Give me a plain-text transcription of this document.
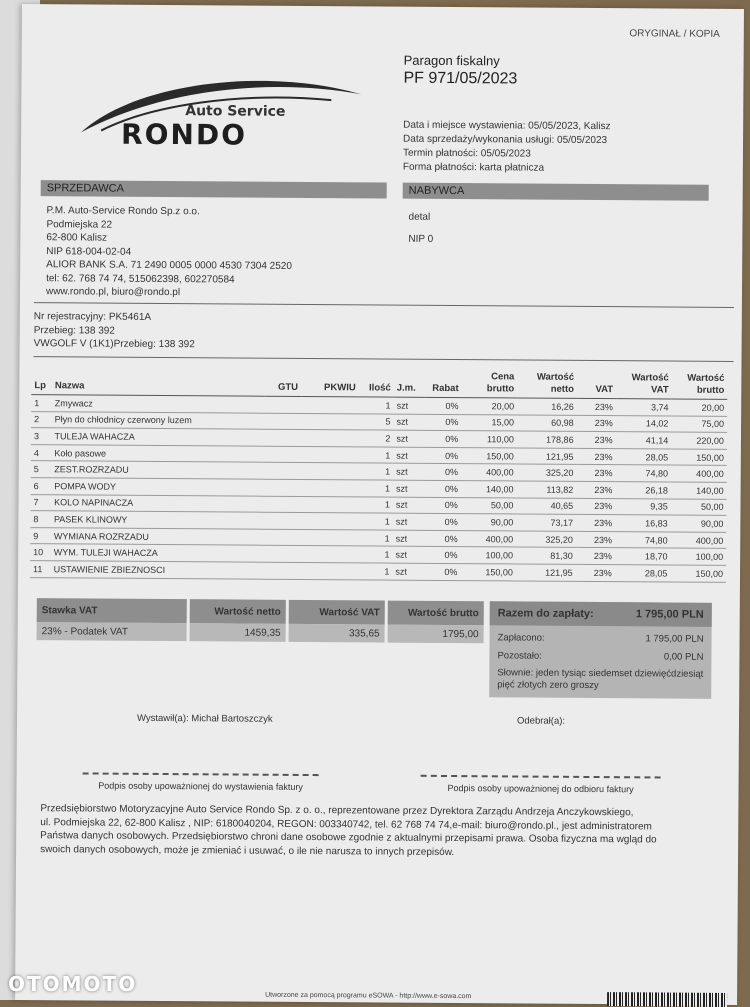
ORYGINAŁ / KOPIA
Auto Service
RONDO
Paragon fiskalny
PF 971/05/2023
Data i miejsce wystawienia: 05/05/2023, Kalisz
Data sprzedaży/wykonania usługi: 05/05/2023
Termin płatności: 05/05/2023
Forma płatności: karta płatnicza
SPRZEDAWCA	NABYWCA
P.M. Auto-Service Rondo Sp.z o.o.
Podmiejska 22
62-800 Kalisz
NIP 618-004-02-04
ALIOR BANK S.A. 71 2490 0005 0000 4530 7304 2520
tel: 62. 768 74 74, 515062398, 602270584
www.rondo.pl, biuro@rondo.pl
detal
NIP 0
Nr rejestracyjny: PK5461A
Przebieg: 138 392
VWGOLF V (1K1)Przebieg: 138 392
Lp	Nazwa	GTU	PKWIU	Ilość	J.m.	Rabat	Cena brutto	Wartość netto	VAT	Wartość VAT	Wartość brutto
1	Zmywacz			1	szt	0%	20,00	16,26	23%	3,74	20,00
2	Płyn do chłodnicy czerwony luzem			5	szt	0%	15,00	60,98	23%	14,02	75,00
3	TULEJA WAHACZA			2	szt	0%	110,00	178,86	23%	41,14	220,00
4	Koło pasowe			1	szt	0%	150,00	121,95	23%	28,05	150,00
5	ZEST.ROZRZADU			1	szt	0%	400,00	325,20	23%	74,80	400,00
6	POMPA WODY			1	szt	0%	140,00	113,82	23%	26,18	140,00
7	KOLO NAPINACZA			1	szt	0%	50,00	40,65	23%	9,35	50,00
8	PASEK KLINOWY			1	szt	0%	90,00	73,17	23%	16,83	90,00
9	WYMIANA ROZRZADU			1	szt	0%	400,00	325,20	23%	74,80	400,00
10	WYM. TULEJI WAHACZA			1	szt	0%	100,00	81,30	23%	18,70	100,00
11	USTAWIENIE ZBIEZNOSCI			1	szt	0%	150,00	121,95	23%	28,05	150,00
Stawka VAT	Wartość netto	Wartość VAT	Wartość brutto
23% - Podatek VAT	1459,35	335,65	1795,00
Razem do zapłaty:	1 795,00 PLN
Zapłacono:	1 795,00 PLN
Pozostało:	0,00 PLN
Słownie: jeden tysiąc siedemset dziewięćdziesiąt
pięć złotych zero groszy
Wystawił(a): Michał Bartoszczyk	Odebrał(a):
Podpis osoby upoważnionej do wystawienia faktury	Podpis osoby upoważnionej do odbioru faktury
Przedsiębiorstwo Motoryzacyjne Auto Service Rondo Sp. z o. o., reprezentowane przez Dyrektora Zarządu Andrzeja Anczykowskiego,
ul. Podmiejska 22, 62-800 Kalisz , NIP: 6180040204, REGON: 003340742, tel. 62 768 74 74,e-mail: biuro@rondo.pl., jest administratorem
Państwa danych osobowych. Przedsiębiorstwo chroni dane osobowe zgodnie z aktualnymi przepisami prawa. Osoba fizyczna ma wgląd do
swoich danych osobowych, może je zmieniać i usuwać, o ile nie narusza to innych przepisów.
Utworzone za pomocą programu eSOWA - http://www.e-sowa.com
OTOMOTO
